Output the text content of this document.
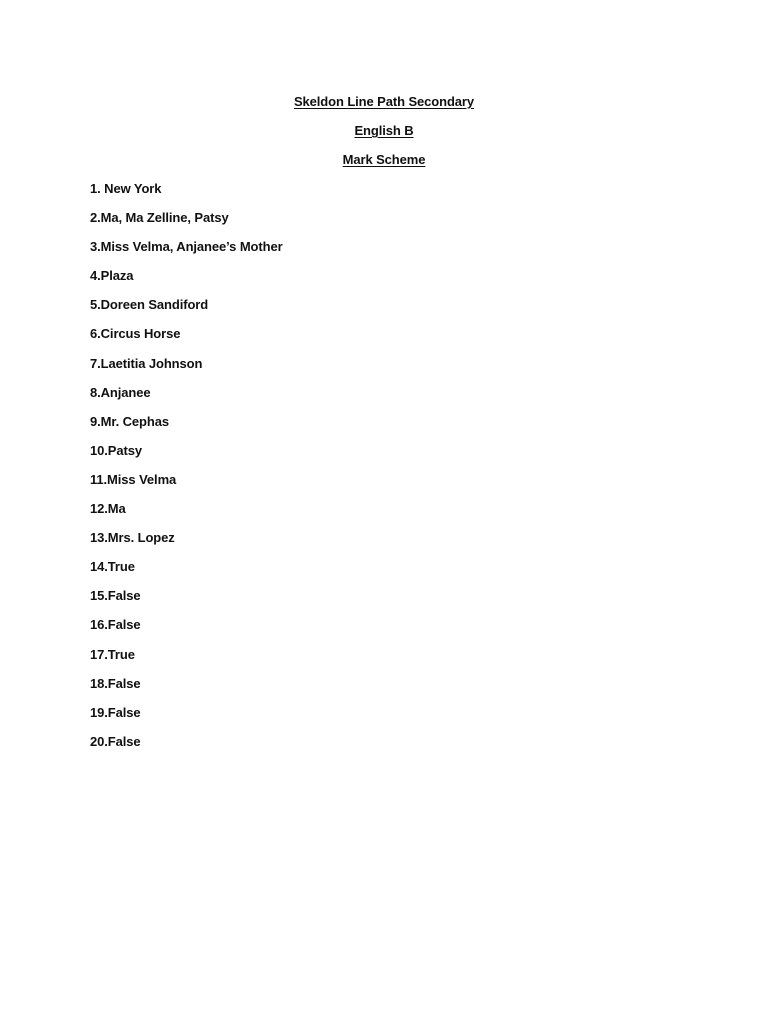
Skeldon Line Path Secondary
English B
Mark Scheme
1. New York
2.Ma, Ma Zelline, Patsy
3.Miss Velma, Anjanee’s Mother
4.Plaza
5.Doreen Sandiford
6.Circus Horse
7.Laetitia Johnson
8.Anjanee
9.Mr. Cephas
10.Patsy
11.Miss Velma
12.Ma
13.Mrs. Lopez
14.True
15.False
16.False
17.True
18.False
19.False
20.False
